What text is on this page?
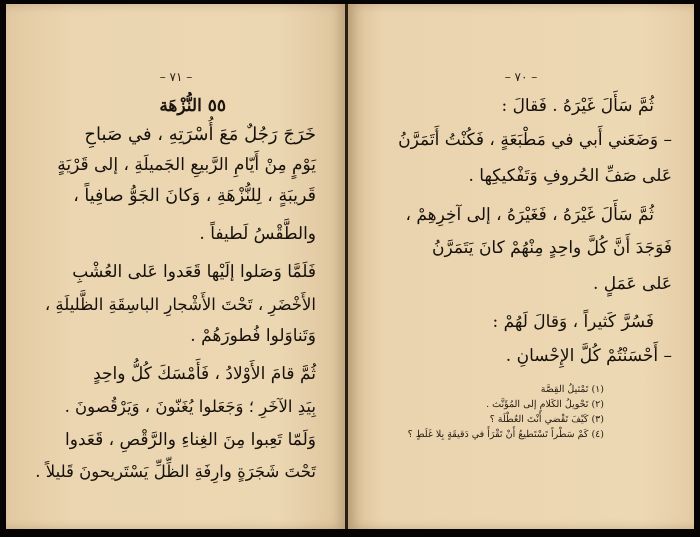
– ٧١ –
٥٥ النُّزْهَة
خَرَجَ رَجُلٌ مَعَ أُسْرَتِهِ ، في صَباحِ
يَوْمٍ مِنْ أَيّامِ الرَّبيعِ الجَميلَةِ ، إلى قَرْيَةٍ
قَريبَةٍ ، لِلنُّزْهَةِ ، وَكانَ الجَوُّ صافِياً ،
والطَّقْسُ لَطيفاً .
فَلَمَّا وَصَلوا إلَيْها قَعَدوا عَلى العُشْبِ
الأَخْضَرِ ، تَحْتَ الأَشْجارِ الباسِقَةِ الظَّليلَةِ ،
وَتَناوَلوا فُطورَهُمْ .
ثُمَّ قامَ الأَوْلادُ ، فَأَمْسَكَ كُلُّ واحِدٍ
بِيَدِ الآخَرِ ؛ وَجَعَلوا يُغَنّونَ ، وَيَرْقُصونَ .
وَلَمّا تَعِبوا مِنَ الغِناءِ والرَّقْصِ ، قَعَدوا
تَحْتَ شَجَرَةٍ وارِفَةِ الظِّلِّ يَسْتَريحونَ قَليلاً .
– ٧٠ –
ثُمَّ سَأَلَ غَيْرَهُ . فَقالَ :
– وَضَعَني أَبي في مَطْبَعَةٍ ، فَكُنْتُ أَتَمَرَّنُ
عَلى صَفِّ الحُروفِ وَتَفْكيكِها .
ثُمَّ سَأَلَ غَيْرَهُ ، فَغَيْرَهُ ، إلى آخِرِهِمْ ،
فَوَجَدَ أَنَّ كُلَّ واحِدٍ مِنْهُمْ كانَ يَتَمَرَّنُ
عَلى عَمَلٍ .
فَسُرَّ كَثيراً ، وَقالَ لَهُمْ :
– أَحْسَنْتُمْ كُلَّ الإِحْسانِ .
(١) تَمْثيلُ القِصَّة
(٢) تَحْويلُ الكَلامِ إلى المُؤَنَّث .
(٣) كَيْفَ تَقْضي أَنْتَ العُطْلَة ؟
(٤) كَمْ سَطْراً تَسْتَطيعُ أَنْ تَقْرَأَ في دَقيقَةٍ بِلا غَلَطٍ ؟
